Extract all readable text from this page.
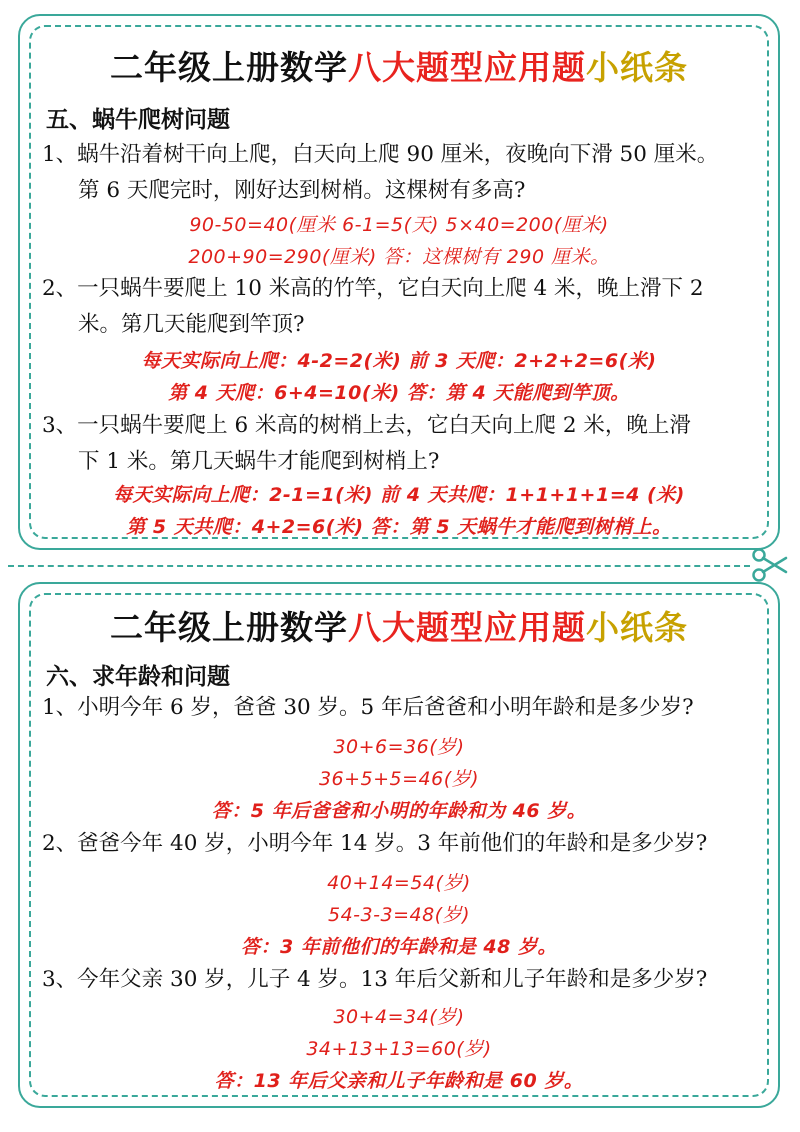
二年级上册数学八大题型应用题小纸条
五、蜗牛爬树问题
1、蜗牛沿着树干向上爬，白天向上爬 90 厘米，夜晚向下滑 50 厘米。
第 6 天爬完时，刚好达到树梢。这棵树有多高?
90-50=40(厘米 6-1=5(天) 5×40=200(厘米)
200+90=290(厘米) 答：这棵树有 290 厘米。
2、一只蜗牛要爬上 10 米高的竹竿，它白天向上爬 4 米，晚上滑下 2
米。第几天能爬到竿顶?
每天实际向上爬：4-2=2(米) 前 3 天爬：2+2+2=6(米)
第 4 天爬：6+4=10(米) 答：第 4 天能爬到竿顶。
3、一只蜗牛要爬上 6 米高的树梢上去，它白天向上爬 2 米，晚上滑
下 1 米。第几天蜗牛才能爬到树梢上?
每天实际向上爬：2-1=1(米) 前 4 天共爬：1+1+1+1=4 (米)
第 5 天共爬：4+2=6(米) 答：第 5 天蜗牛才能爬到树梢上。
二年级上册数学八大题型应用题小纸条
六、求年龄和问题
1、小明今年 6 岁，爸爸 30 岁。5 年后爸爸和小明年龄和是多少岁?
30+6=36(岁)
36+5+5=46(岁)
答：5 年后爸爸和小明的年龄和为 46 岁。
2、爸爸今年 40 岁，小明今年 14 岁。3 年前他们的年龄和是多少岁?
40+14=54(岁)
54-3-3=48(岁)
答：3 年前他们的年龄和是 48 岁。
3、今年父亲 30 岁，儿子 4 岁。13 年后父新和儿子年龄和是多少岁?
30+4=34(岁)
34+13+13=60(岁)
答：13 年后父亲和儿子年龄和是 60 岁。
